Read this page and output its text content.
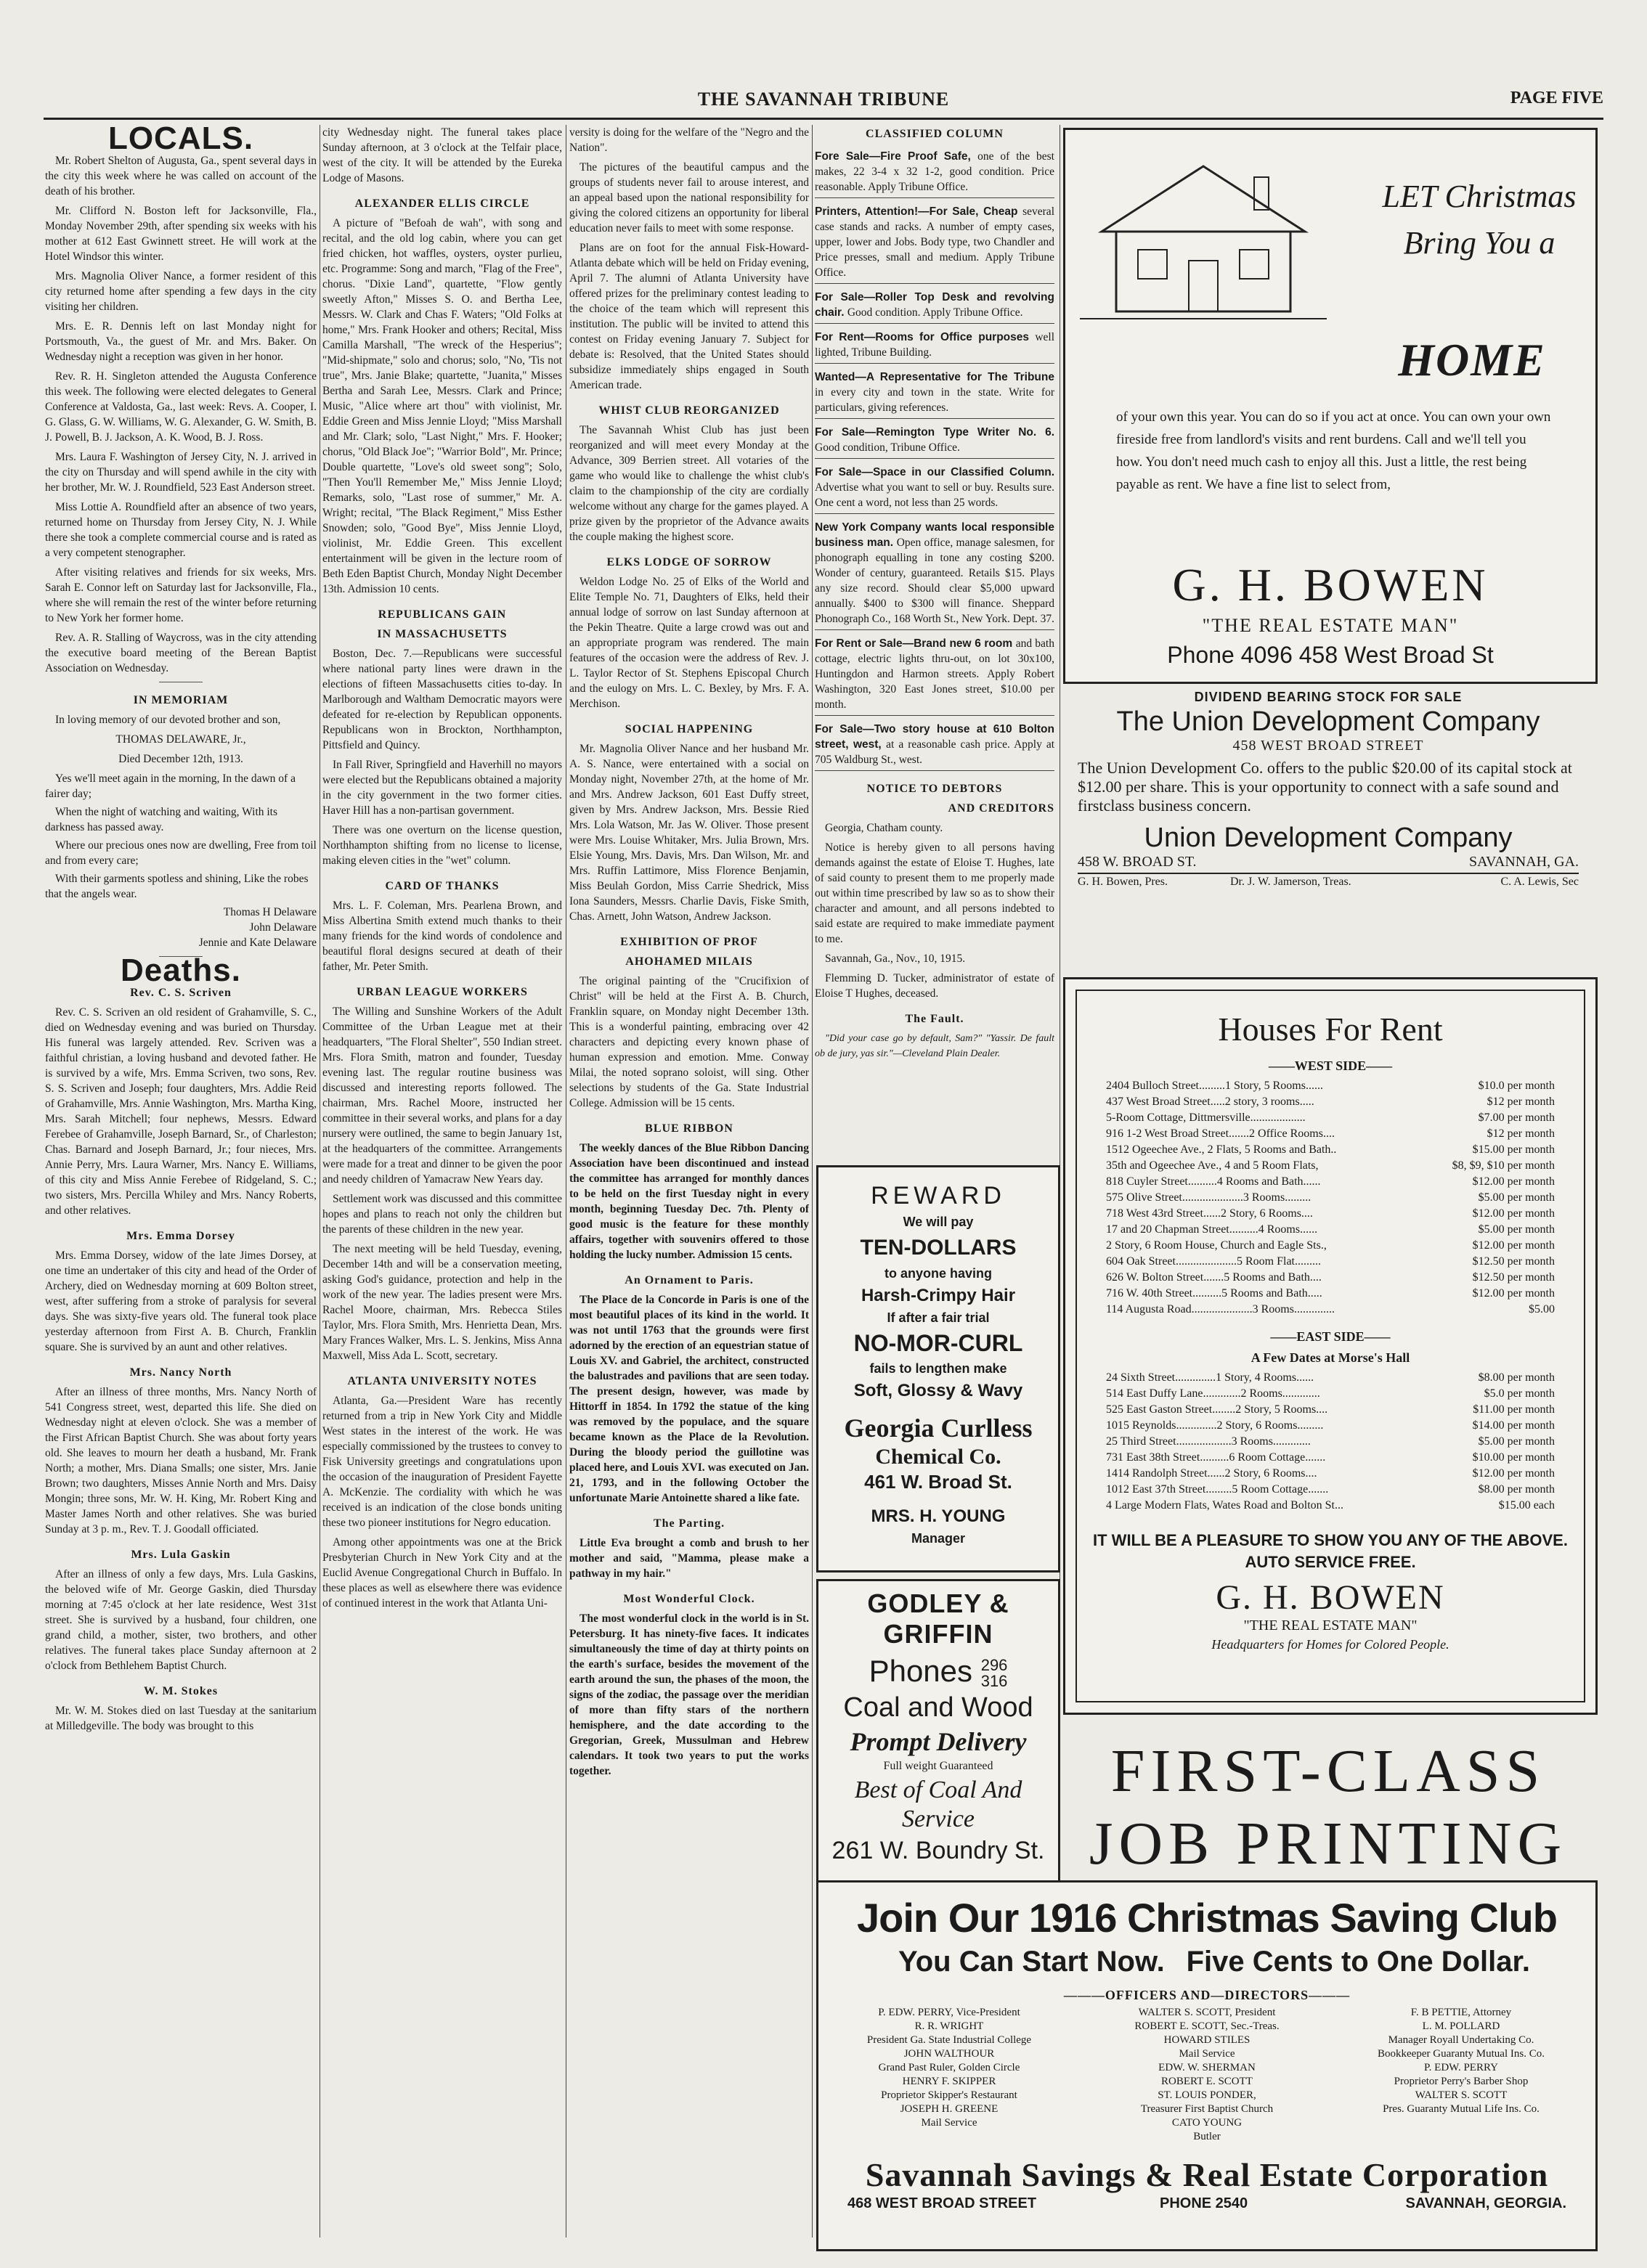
THE SAVANNAH TRIBUNE	PAGE FIVE
LOCALS.

Mr. Robert Shelton of Augusta, Ga., spent several days in the city this week where he was called on account of the death of his brother.

Mr. Clifford N. Boston left for Jacksonville, Fla., Monday November 29th, after spending six weeks with his mother at 612 East Gwinnett street. He will work at the Hotel Windsor this winter.

Mrs. Magnolia Oliver Nance, a former resident of this city returned home after spending a few days in the city visiting her children.

Mrs. E. R. Dennis left on last Monday night for Portsmouth, Va., the guest of Mr. and Mrs. Baker. On Wednesday night a reception was given in her honor.

Rev. R. H. Singleton attended the Augusta Conference this week. The following were elected delegates to General Conference at Valdosta, Ga., last week: Revs. A. Cooper, I. G. Glass, G. W. Williams, W. G. Alexander, G. W. Smith, B. J. Powell, B. J. Jackson, A. K. Wood, B. J. Ross.

Mrs. Laura F. Washington of Jersey City, N. J. arrived in the city on Thursday and will spend awhile in the city with her brother, Mr. W. J. Roundfield, 523 East Anderson street.

Miss Lottie A. Roundfield after an absence of two years, returned home on Thursday from Jersey City, N. J. While there she took a complete commercial course and is rated as a very competent stenographer.

After visiting relatives and friends for six weeks, Mrs. Sarah E. Connor left on Saturday last for Jacksonville, Fla., where she will remain the rest of the winter before returning to New York her former home.

Rev. A. R. Stalling of Waycross, was in the city attending the executive board meeting of the Berean Baptist Association on Wednesday.

IN MEMORIAM

In loving memory of our devoted brother and son,

THOMAS DELAWARE, Jr.,

Died December 12th, 1913.

Yes we'll meet again in the morning, In the dawn of a fairer day;

When the night of watching and waiting, With its darkness has passed away.

Where our precious ones now are dwelling, Free from toil and from every care;

With their garments spotless and shining, Like the robes that the angels wear.

Thomas H Delaware

John Delaware

Jennie and Kate Delaware

Deaths.
Rev. C. S. Scriven

Rev. C. S. Scriven an old resident of Grahamville, S. C., died on Wednesday evening and was buried on Thursday. His funeral was largely attended. Rev. Scriven was a faithful christian, a loving husband and devoted father. He is survived by a wife, Mrs. Emma Scriven, two sons, Rev. S. S. Scriven and Joseph; four daughters, Mrs. Addie Reid of Grahamville, Mrs. Annie Washington, Mrs. Martha King, Mrs. Sarah Mitchell; four nephews, Messrs. Edward Ferebee of Grahamville, Joseph Barnard, Sr., of Charleston; Chas. Barnard and Joseph Barnard, Jr.; four nieces, Mrs. Annie Perry, Mrs. Laura Warner, Mrs. Nancy E. Williams, of this city and Miss Annie Ferebee of Ridgeland, S. C.; two sisters, Mrs. Percilla Whiley and Mrs. Nancy Roberts, and other relatives.

Mrs. Emma Dorsey

Mrs. Emma Dorsey, widow of the late Jimes Dorsey, at one time an undertaker of this city and head of the Order of Archery, died on Wednesday morning at 609 Bolton street, west, after suffering from a stroke of paralysis for several days. She was sixty-five years old. The funeral took place yesterday afternoon from First A. B. Church, Franklin square. She is survived by an aunt and other relatives.

Mrs. Nancy North

After an illness of three months, Mrs. Nancy North of 541 Congress street, west, departed this life. She died on Wednesday night at eleven o'clock. She was a member of the First African Baptist Church. She was about forty years old. She leaves to mourn her death a husband, Mr. Frank North; a mother, Mrs. Diana Smalls; one sister, Mrs. Janie Brown; two daughters, Misses Annie North and Mrs. Daisy Mongin; three sons, Mr. W. H. King, Mr. Robert King and Master James North and other relatives. She was buried Sunday at 3 p. m., Rev. T. J. Goodall officiated.

Mrs. Lula Gaskin

After an illness of only a few days, Mrs. Lula Gaskins, the beloved wife of Mr. George Gaskin, died Thursday morning at 7:45 o'clock at her late residence, West 31st street. She is survived by a husband, four children, one grand child, a mother, sister, two brothers, and other relatives. The funeral takes place Sunday afternoon at 2 o'clock from Bethlehem Baptist Church.

W. M. Stokes

Mr. W. M. Stokes died on last Tuesday at the sanitarium at Milledgeville. The body was brought to this

city Wednesday night. The funeral takes place Sunday afternoon, at 3 o'clock at the Telfair place, west of the city. It will be attended by the Eureka Lodge of Masons.

ALEXANDER ELLIS CIRCLE

A picture of "Befoah de wah", with song and recital, and the old log cabin, where you can get fried chicken, hot waffles, oysters, oyster purlieu, etc. Programme: Song and march, "Flag of the Free", chorus. "Dixie Land", quartette, "Flow gently sweetly Afton," Misses S. O. and Bertha Lee, Messrs. W. Clark and Chas F. Waters; "Old Folks at home," Mrs. Frank Hooker and others; Recital, Miss Camilla Marshall, "The wreck of the Hesperius"; "Mid-shipmate," solo and chorus; solo, "No, 'Tis not true", Mrs. Janie Blake; quartette, "Juanita," Misses Bertha and Sarah Lee, Messrs. Clark and Prince; Music, "Alice where art thou" with violinist, Mr. Eddie Green and Miss Jennie Lloyd; "Miss Marshall and Mr. Clark; solo, "Last Night," Mrs. F. Hooker; chorus, "Old Black Joe"; "Warrior Bold", Mr. Prince; Double quartette, "Love's old sweet song"; Solo, "Then You'll Remember Me," Miss Jennie Lloyd; Remarks, solo, "Last rose of summer," Mr. A. Wright; recital, "The Black Regiment," Miss Esther Snowden; solo, "Good Bye", Miss Jennie Lloyd, violinist, Mr. Eddie Green. This excellent entertainment will be given in the lecture room of Beth Eden Baptist Church, Monday Night December 13th. Admission 10 cents.

REPUBLICANS GAIN
IN MASSACHUSETTS

Boston, Dec. 7.—Republicans were successful where national party lines were drawn in the elections of fifteen Massachusetts cities to-day. In Marlborough and Waltham Democratic mayors were defeated for re-election by Republican opponents. Republicans won in Brockton, Northhampton, Pittsfield and Quincy.

In Fall River, Springfield and Haverhill no mayors were elected but the Republicans obtained a majority in the city government in the two former cities. Haver Hill has a non-partisan government.

There was one overturn on the license question, Northhampton shifting from no license to license, making eleven cities in the "wet" column.

CARD OF THANKS

Mrs. L. F. Coleman, Mrs. Pearlena Brown, and Miss Albertina Smith extend much thanks to their many friends for the kind words of condolence and beautiful floral designs secured at death of their father, Mr. Peter Smith.

URBAN LEAGUE WORKERS

The Willing and Sunshine Workers of the Adult Committee of the Urban League met at their headquarters, "The Floral Shelter", 550 Indian street. Mrs. Flora Smith, matron and founder, Tuesday evening last. The regular routine business was discussed and interesting reports followed. The chairman, Mrs. Rachel Moore, instructed her committee in their several works, and plans for a day nursery were outlined, the same to begin January 1st, at the headquarters of the committee. Arrangements were made for a treat and dinner to be given the poor and needy children of Yamacraw New Years day.

Settlement work was discussed and this committee hopes and plans to reach not only the children but the parents of these children in the new year.

The next meeting will be held Tuesday, evening, December 14th and will be a conservation meeting, asking God's guidance, protection and help in the work of the new year. The ladies present were Mrs. Rachel Moore, chairman, Mrs. Rebecca Stiles Taylor, Mrs. Flora Smith, Mrs. Henrietta Dean, Mrs. Mary Frances Walker, Mrs. L. S. Jenkins, Miss Anna Maxwell, Miss Ada L. Scott, secretary.

ATLANTA UNIVERSITY NOTES

Atlanta, Ga.—President Ware has recently returned from a trip in New York City and Middle West states in the interest of the work. He was especially commissioned by the trustees to convey to Fisk University greetings and congratulations upon the occasion of the inauguration of President Fayette A. McKenzie. The cordiality with which he was received is an indication of the close bonds uniting these two pioneer institutions for Negro education.

Among other appointments was one at the Brick Presbyterian Church in New York City and at the Euclid Avenue Congregational Church in Buffalo. In these places as well as elsewhere there was evidence of continued interest in the work that Atlanta Uni-

versity is doing for the welfare of the "Negro and the Nation".

The pictures of the beautiful campus and the groups of students never fail to arouse interest, and an appeal based upon the national responsibility for giving the colored citizens an opportunity for liberal education never fails to meet with some response.

Plans are on foot for the annual Fisk-Howard-Atlanta debate which will be held on Friday evening, April 7. The alumni of Atlanta University have offered prizes for the preliminary contest leading to the choice of the team which will represent this institution. The public will be invited to attend this contest on Friday evening January 7. Subject for debate is: Resolved, that the United States should subsidize immediately ships engaged in South American trade.

WHIST CLUB REORGANIZED

The Savannah Whist Club has just been reorganized and will meet every Monday at the Advance, 309 Berrien street. All votaries of the game who would like to challenge the whist club's claim to the championship of the city are cordially welcome without any charge for the games played. A prize given by the proprietor of the Advance awaits the couple making the highest score.

ELKS LODGE OF SORROW

Weldon Lodge No. 25 of Elks of the World and Elite Temple No. 71, Daughters of Elks, held their annual lodge of sorrow on last Sunday afternoon at the Pekin Theatre. Quite a large crowd was out and an appropriate program was rendered. The main features of the occasion were the address of Rev. J. L. Taylor Rector of St. Stephens Episcopal Church and the eulogy on Mrs. L. C. Bexley, by Mrs. F. A. Merchison.

SOCIAL HAPPENING

Mr. Magnolia Oliver Nance and her husband Mr. A. S. Nance, were entertained with a social on Monday night, November 27th, at the home of Mr. and Mrs. Andrew Jackson, 601 East Duffy street, given by Mrs. Andrew Jackson, Mrs. Bessie Ried Mrs. Lola Watson, Mr. Jas W. Oliver. Those present were Mrs. Louise Whitaker, Mrs. Julia Brown, Mrs. Elsie Young, Mrs. Davis, Mrs. Dan Wilson, Mr. and Mrs. Ruffin Lattimore, Miss Florence Benjamin, Miss Beulah Gordon, Miss Carrie Shedrick, Miss Iona Saunders, Messrs. Charlie Davis, Fiske Smith, Chas. Arnett, John Watson, Andrew Jackson.

EXHIBITION OF PROF
AHOHAMED MILAIS

The original painting of the "Crucifixion of Christ" will be held at the First A. B. Church, Franklin square, on Monday night December 13th. This is a wonderful painting, embracing over 42 characters and depicting every known phase of human expression and emotion. Mme. Conway Milai, the noted soprano soloist, will sing. Other selections by students of the Ga. State Industrial College. Admission will be 15 cents.

BLUE RIBBON

The weekly dances of the Blue Ribbon Dancing Association have been discontinued and instead the committee has arranged for monthly dances to be held on the first Tuesday night in every month, beginning Tuesday Dec. 7th. Plenty of good music is the feature for these monthly affairs, together with souvenirs offered to those holding the lucky number. Admission 15 cents.

An Ornament to Paris.

The Place de la Concorde in Paris is one of the most beautiful places of its kind in the world. It was not until 1763 that the grounds were first adorned by the erection of an equestrian statue of Louis XV. and Gabriel, the architect, constructed the balustrades and pavilions that are seen today. The present design, however, was made by Hittorff in 1854. In 1792 the statue of the king was removed by the populace, and the square became known as the Place de la Revolution. During the bloody period the guillotine was placed here, and Louis XVI. was executed on Jan. 21, 1793, and in the following October the unfortunate Marie Antoinette shared a like fate.

The Parting.

Little Eva brought a comb and brush to her mother and said, "Mamma, please make a pathway in my hair."

Most Wonderful Clock.

The most wonderful clock in the world is in St. Petersburg. It has ninety-five faces. It indicates simultaneously the time of day at thirty points on the earth's surface, besides the movement of the earth around the sun, the phases of the moon, the signs of the zodiac, the passage over the meridian of more than fifty stars of the northern hemisphere, and the date according to the Gregorian, Greek, Mussulman and Hebrew calendars. It took two years to put the works together.

CLASSIFIED COLUMN

Fore Sale—Fire Proof Safe, one of the best makes, 22 3-4 x 32 1-2, good condition. Price reasonable. Apply Tribune Office.

Printers, Attention!—For Sale, Cheap several case stands and racks. A number of empty cases, upper, lower and Jobs. Body type, two Chandler and Price presses, small and medium. Apply Tribune Office.

For Sale—Roller Top Desk and revolving chair. Good condition. Apply Tribune Office.

For Rent—Rooms for Office purposes well lighted, Tribune Building.

Wanted—A Representative for The Tribune in every city and town in the state. Write for particulars, giving references.

For Sale—Remington Type Writer No. 6. Good condition, Tribune Office.

For Sale—Space in our Classified Column. Advertise what you want to sell or buy. Results sure. One cent a word, not less than 25 words.

New York Company wants local responsible business man. Open office, manage salesmen, for phonograph equalling in tone any costing $200. Wonder of century, guaranteed. Retails $15. Plays any size record. Should clear $5,000 upward annually. $400 to $300 will finance. Sheppard Phonograph Co., 168 Worth St., New York. Dept. 37.

For Rent or Sale—Brand new 6 room and bath cottage, electric lights thru-out, on lot 30x100, Huntingdon and Harmon streets. Apply Robert Washington, 320 East Jones street, $10.00 per month.

For Sale—Two story house at 610 Bolton street, west, at a reasonable cash price. Apply at 705 Waldburg St., west.

NOTICE TO DEBTORS
AND CREDITORS

Georgia, Chatham county.

Notice is hereby given to all persons having demands against the estate of Eloise T. Hughes, late of said county to present them to me properly made out within time prescribed by law so as to show their character and amount, and all persons indebted to said estate are required to make immediate payment to me.

Savannah, Ga., Nov., 10, 1915.

Flemming D. Tucker, administrator of estate of Eloise T Hughes, deceased.

The Fault.

"Did your case go by default, Sam?" "Yassir. De fault ob de jury, yas sir."—Cleveland Plain Dealer.

REWARD
We will pay
TEN-DOLLARS
to anyone having
Harsh-Crimpy Hair
If after a fair trial
NO-MOR-CURL
fails to lengthen make
Soft, Glossy & Wavy
Georgia Curlless
Chemical Co.
461 W. Broad St.
MRS. H. YOUNG
Manager
GODLEY & GRIFFIN
Phones 296
316
Coal and Wood
Prompt Delivery
Full weight Guaranteed
Best of Coal And Service
261 W. Boundry St.
LET Christmas Bring You a
HOME
of your own this year. You can do so if you act at once. You can own your own fireside free from landlord's visits and rent burdens. Call and we'll tell you how. You don't need much cash to enjoy all this. Just a little, the rest being payable as rent. We have a fine list to select from,
G. H. BOWEN
"THE REAL ESTATE MAN"
Phone 4096 458 West Broad St
DIVIDEND BEARING STOCK FOR SALE
The Union Development Company
458 WEST BROAD STREET
The Union Development Co. offers to the public $20.00 of its capital stock at $12.00 per share. This is your opportunity to connect with a safe sound and firstclass business concern.
Union Development Company
458 W. BROAD ST.	SAVANNAH, GA.
G. H. Bowen, Pres.	Dr. J. W. Jamerson, Treas.	C. A. Lewis, Sec
Houses For Rent
——WEST SIDE——
2404 Bulloch Street.........1 Story, 5 Rooms......	$10.0 per month
437 West Broad Street.....2 story, 3 rooms.....	$12 per month
5-Room Cottage, Dittmersville...................	$7.00 per month
916 1-2 West Broad Street.......2 Office Rooms....	$12 per month
1512 Ogeechee Ave., 2 Flats, 5 Rooms and Bath..	$15.00 per month
35th and Ogeechee Ave., 4 and 5 Room Flats,	$8, $9, $10 per month
818 Cuyler Street..........4 Rooms and Bath......	$12.00 per month
575 Olive Street.....................3 Rooms.........	$5.00 per month
718 West 43rd Street......2 Story, 6 Rooms....	$12.00 per month
17 and 20 Chapman Street..........4 Rooms......	$5.00 per month
2 Story, 6 Room House, Church and Eagle Sts.,	$12.00 per month
604 Oak Street.....................5 Room Flat.........	$12.50 per month
626 W. Bolton Street.......5 Rooms and Bath....	$12.50 per month
716 W. 40th Street..........5 Rooms and Bath.....	$12.00 per month
114 Augusta Road.....................3 Rooms..............	$5.00
——EAST SIDE——
A Few Dates at Morse's Hall
24 Sixth Street..............1 Story, 4 Rooms......	$8.00 per month
514 East Duffy Lane.............2 Rooms.............	$5.0 per month
525 East Gaston Street........2 Story, 5 Rooms....	$11.00 per month
1015 Reynolds..............2 Story, 6 Rooms.........	$14.00 per month
25 Third Street...................3 Rooms.............	$5.00 per month
731 East 38th Street..........6 Room Cottage.......	$10.00 per month
1414 Randolph Street......2 Story, 6 Rooms....	$12.00 per month
1012 East 37th Street.........5 Room Cottage.......	$8.00 per month
4 Large Modern Flats, Wates Road and Bolton St...	$15.00 each
IT WILL BE A PLEASURE TO SHOW YOU ANY OF THE ABOVE. AUTO SERVICE FREE.
G. H. BOWEN
"THE REAL ESTATE MAN"
Headquarters for Homes for Colored People.
FIRST-CLASS
JOB PRINTING
Join Our 1916 Christmas Saving Club
You Can Start Now. Five Cents to One Dollar.
———OFFICERS AND—DIRECTORS———
P. EDW. PERRY, Vice-President
R. R. WRIGHT
President Ga. State Industrial College
JOHN WALTHOUR
Grand Past Ruler, Golden Circle
HENRY F. SKIPPER
Proprietor Skipper's Restaurant
JOSEPH H. GREENE
Mail Service
WALTER S. SCOTT, President
ROBERT E. SCOTT, Sec.-Treas.
HOWARD STILES
Mail Service
EDW. W. SHERMAN
ROBERT E. SCOTT
ST. LOUIS PONDER,
Treasurer First Baptist Church
CATO YOUNG
Butler
F. B PETTIE, Attorney
L. M. POLLARD
Manager Royall Undertaking Co.
Bookkeeper Guaranty Mutual Ins. Co.
P. EDW. PERRY
Proprietor Perry's Barber Shop
WALTER S. SCOTT
Pres. Guaranty Mutual Life Ins. Co.
Savannah Savings & Real Estate Corporation
468 WEST BROAD STREET	PHONE 2540	SAVANNAH, GEORGIA.
